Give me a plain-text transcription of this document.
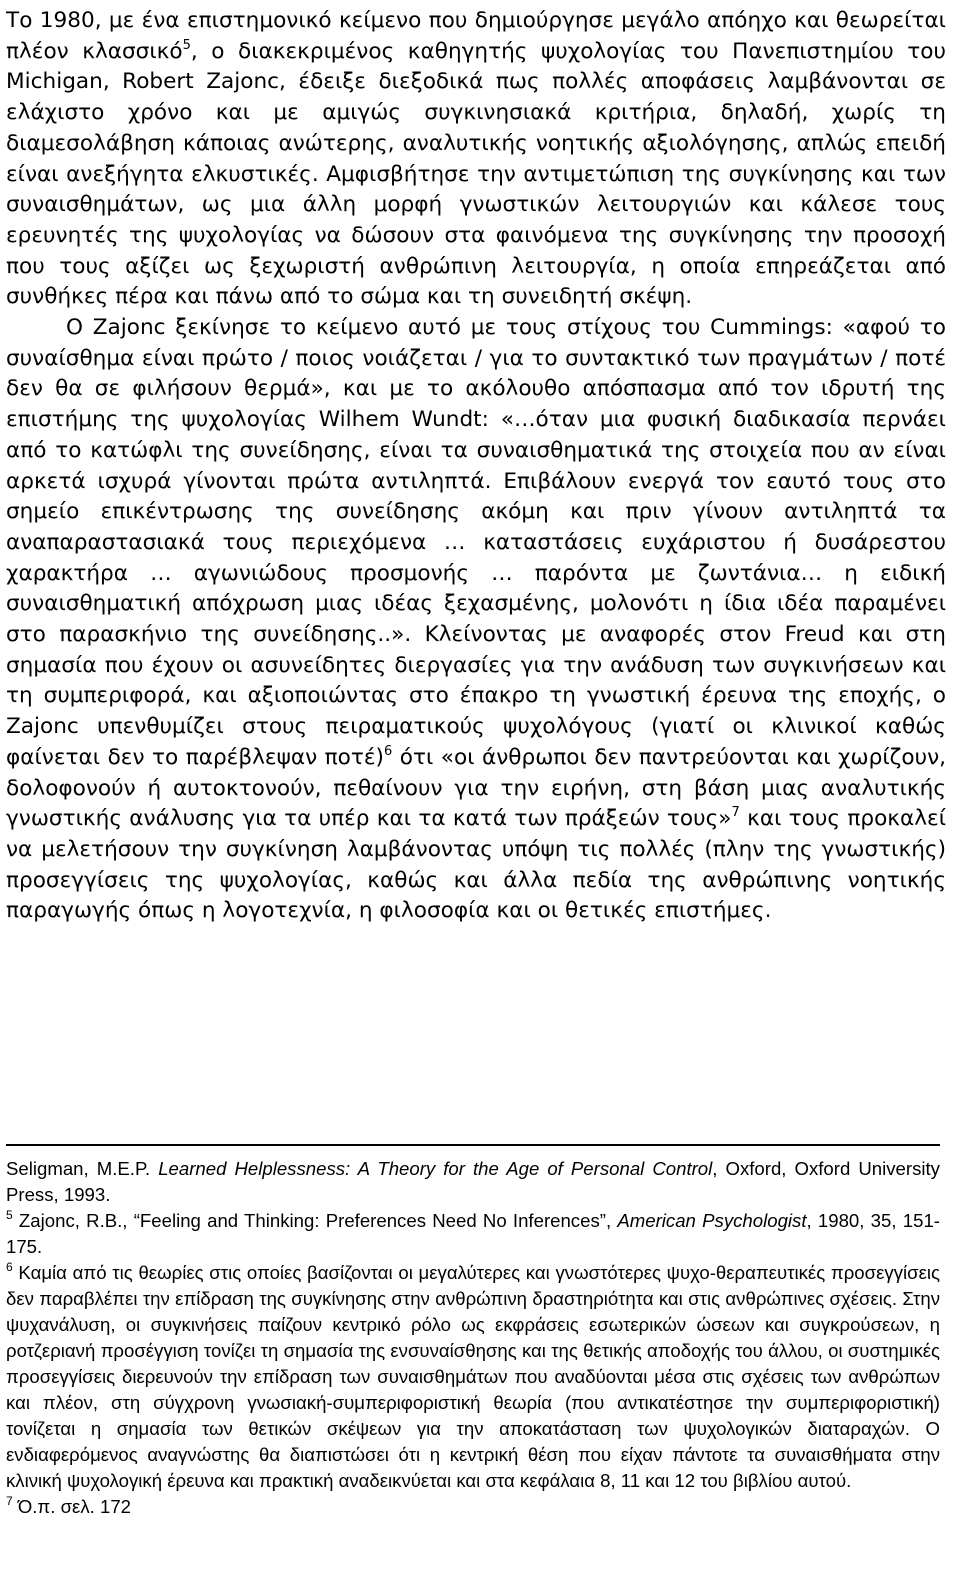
Το 1980, με ένα επιστημονικό κείμενο που δημιούργησε μεγάλο απόηχο και θεωρείται πλέον κλασσικό$^5$, ο διακεκριμένος καθηγητής ψυχολογίας του Πανεπιστημίου του Michigan, Robert Zajonc, έδειξε διεξοδικά πως πολλές αποφάσεις λαμβάνονται σε ελάχιστο χρόνο και με αμιγώς συγκινησιακά κριτήρια, δηλαδή, χωρίς τη διαμεσολάβηση κάποιας ανώτερης, αναλυτικής νοητικής αξιολόγησης, απλώς επειδή είναι ανεξήγητα ελκυστικές. Αμφισβήτησε την αντιμετώπιση της συγκίνησης και των συναισθημάτων, ως μια άλλη μορφή γνωστικών λειτουργιών και κάλεσε τους ερευνητές της ψυχολογίας να δώσουν στα φαινόμενα της συγκίνησης την προσοχή που τους αξίζει ως ξεχωριστή ανθρώπινη λειτουργία, η οποία επηρεάζεται από συνθήκες πέρα και πάνω από το σώμα και τη συνειδητή σκέψη.

Ο Zajonc ξεκίνησε το κείμενο αυτό με τους στίχους του Cummings: «αφού το συναίσθημα είναι πρώτο / ποιος νοιάζεται / για το συντακτικό των πραγμάτων / ποτέ δεν θα σε φιλήσουν θερμά», και με το ακόλουθο απόσπασμα από τον ιδρυτή της επιστήμης της ψυχολογίας Wilhem Wundt: «…όταν μια φυσική διαδικασία περνάει από το κατώφλι της συνείδησης, είναι τα συναισθηματικά της στοιχεία που αν είναι αρκετά ισχυρά γίνονται πρώτα αντιληπτά. Επιβάλουν ενεργά τον εαυτό τους στο σημείο επικέντρωσης της συνείδησης ακόμη και πριν γίνουν αντιληπτά τα αναπαραστασιακά τους περιεχόμενα … καταστάσεις ευχάριστου ή δυσάρεστου χαρακτήρα … αγωνιώδους προσμονής … παρόντα με ζωντάνια… η ειδική συναισθηματική απόχρωση μιας ιδέας ξεχασμένης, μολονότι η ίδια ιδέα παραμένει στο παρασκήνιο της συνείδησης..». Κλείνοντας με αναφορές στον Freud και στη σημασία που έχουν οι ασυνείδητες διεργασίες για την ανάδυση των συγκινήσεων και τη συμπεριφορά, και αξιοποιώντας στο έπακρο τη γνωστική έρευνα της εποχής, ο Zajonc υπενθυμίζει στους πειραματικούς ψυχολόγους (γιατί οι κλινικοί καθώς φαίνεται δεν το παρέβλεψαν ποτέ)$^6$ ότι «οι άνθρωποι δεν παντρεύονται και χωρίζουν, δολοφονούν ή αυτοκτονούν, πεθαίνουν για την ειρήνη, στη βάση μιας αναλυτικής γνωστικής ανάλυσης για τα υπέρ και τα κατά των πράξεών τους»$^7$ και τους προκαλεί να μελετήσουν την συγκίνηση λαμβάνοντας υπόψη τις πολλές (πλην της γνωστικής) προσεγγίσεις της ψυχολογίας, καθώς και άλλα πεδία της ανθρώπινης νοητικής παραγωγής όπως η λογοτεχνία, η φιλοσοφία και οι θετικές επιστήμες.

Seligman, M.E.P. Learned Helplessness: A Theory for the Age of Personal Control, Oxford, Oxford University Press, 1993.

$^5$ Zajonc, R.B., “Feeling and Thinking: Preferences Need No Inferences”, American Psychologist, 1980, 35, 151-175.

$^6$ Καμία από τις θεωρίες στις οποίες βασίζονται οι μεγαλύτερες και γνωστότερες ψυχο-θεραπευτικές προσεγγίσεις δεν παραβλέπει την επίδραση της συγκίνησης στην ανθρώπινη δραστηριότητα και στις ανθρώπινες σχέσεις. Στην ψυχανάλυση, οι συγκινήσεις παίζουν κεντρικό ρόλο ως εκφράσεις εσωτερικών ώσεων και συγκρούσεων, η ροτζεριανή προσέγγιση τονίζει τη σημασία της ενσυναίσθησης και της θετικής αποδοχής του άλλου, οι συστημικές προσεγγίσεις διερευνούν την επίδραση των συναισθημάτων που αναδύονται μέσα στις σχέσεις των ανθρώπων και πλέον, στη σύγχρονη γνωσιακή-συμπεριφοριστική θεωρία (που αντικατέστησε την συμπεριφοριστική) τονίζεται η σημασία των θετικών σκέψεων για την αποκατάσταση των ψυχολογικών διαταραχών. Ο ενδιαφερόμενος αναγνώστης θα διαπιστώσει ότι η κεντρική θέση που είχαν πάντοτε τα συναισθήματα στην κλινική ψυχολογική έρευνα και πρακτική αναδεικνύεται και στα κεφάλαια 8, 11 και 12 του βιβλίου αυτού.

$^7$ Ό.π. σελ. 172
